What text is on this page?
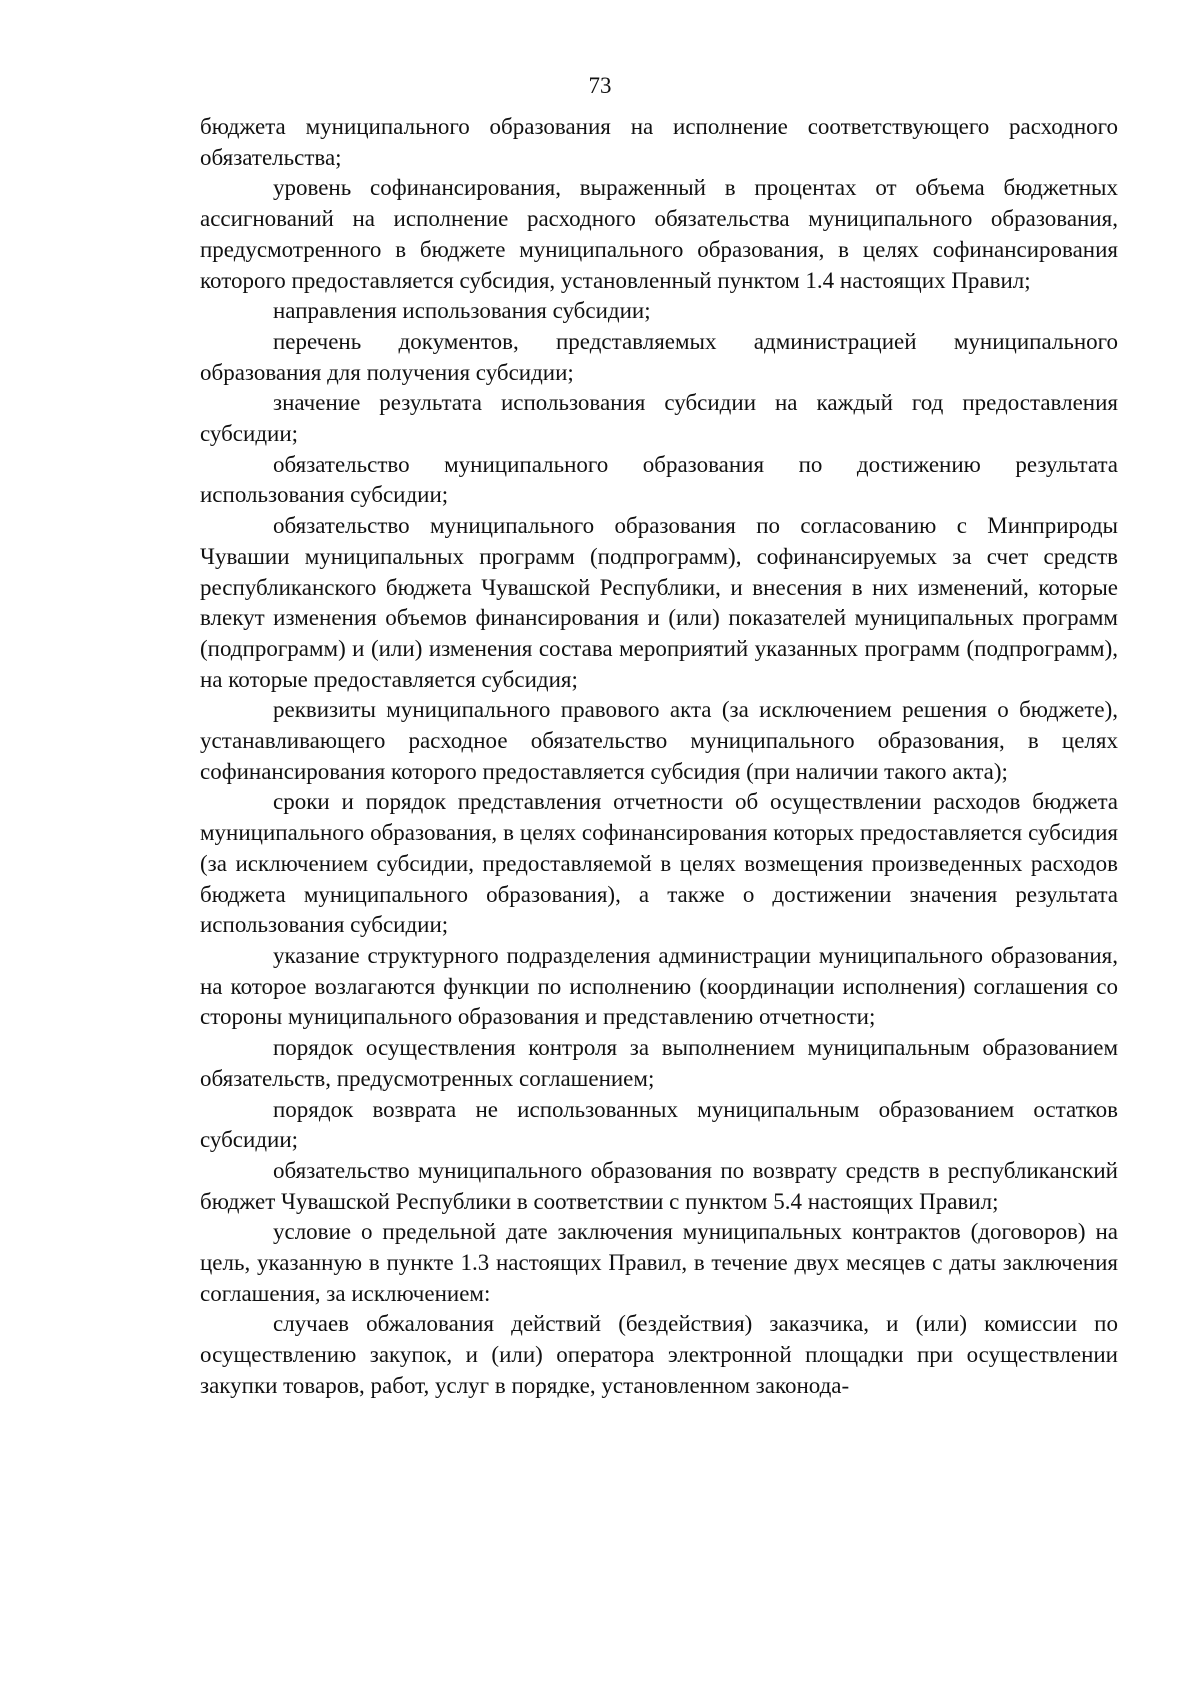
73

бюджета муниципального образования на исполнение соответствующего расходного обязательства;

уровень софинансирования, выраженный в процентах от объема бюджетных ассигнований на исполнение расходного обязательства муниципального образования, предусмотренного в бюджете муниципального образования, в целях софинансирования которого предоставляется субсидия, установленный пунктом 1.4 настоящих Правил;

направления использования субсидии;

перечень документов, представляемых администрацией муниципального образования для получения субсидии;

значение результата использования субсидии на каждый год предоставления субсидии;

обязательство муниципального образования по достижению результата использования субсидии;

обязательство муниципального образования по согласованию с Минприроды Чувашии муниципальных программ (подпрограмм), софинансируемых за счет средств республиканского бюджета Чувашской Республики, и внесения в них изменений, которые влекут изменения объемов финансирования и (или) показателей муниципальных программ (подпрограмм) и (или) изменения состава мероприятий указанных программ (подпрограмм), на которые предоставляется субсидия;

реквизиты муниципального правового акта (за исключением решения о бюджете), устанавливающего расходное обязательство муниципального образования, в целях софинансирования которого предоставляется субсидия (при наличии такого акта);

сроки и порядок представления отчетности об осуществлении расходов бюджета муниципального образования, в целях софинансирования которых предоставляется субсидия (за исключением субсидии, предоставляемой в целях возмещения произведенных расходов бюджета муниципального образования), а также о достижении значения результата использования субсидии;

указание структурного подразделения администрации муниципального образования, на которое возлагаются функции по исполнению (координации исполнения) соглашения со стороны муниципального образования и представлению отчетности;

порядок осуществления контроля за выполнением муниципальным образованием обязательств, предусмотренных соглашением;

порядок возврата не использованных муниципальным образованием остатков субсидии;

обязательство муниципального образования по возврату средств в республиканский бюджет Чувашской Республики в соответствии с пунктом 5.4 настоящих Правил;

условие о предельной дате заключения муниципальных контрактов (договоров) на цель, указанную в пункте 1.3 настоящих Правил, в течение двух месяцев с даты заключения соглашения, за исключением:

случаев обжалования действий (бездействия) заказчика, и (или) комиссии по осуществлению закупок, и (или) оператора электронной площадки при осуществлении закупки товаров, работ, услуг в порядке, установленном законода-
